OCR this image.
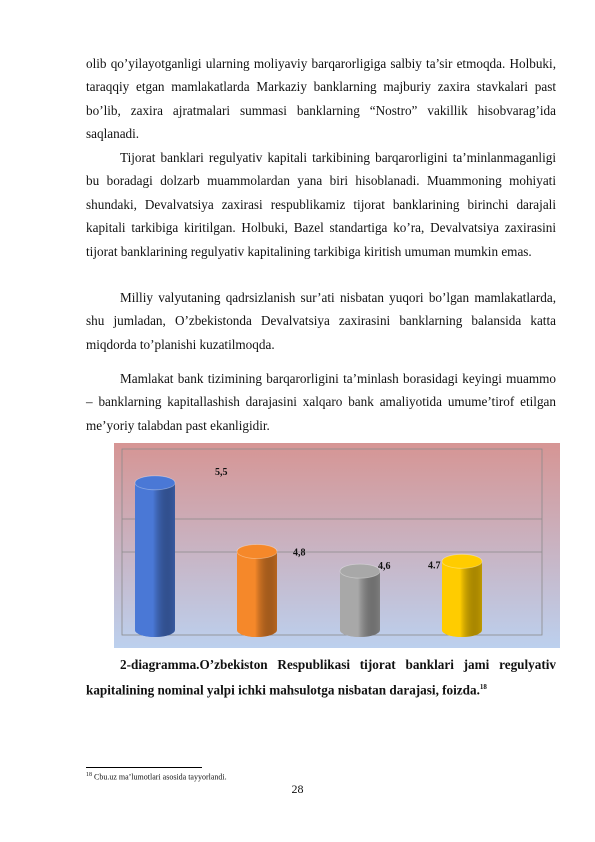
olib qo’yilayotganligi ularning moliyaviy barqarorligiga salbiy ta’sir etmoqda. Holbuki, taraqqiy etgan mamlakatlarda Markaziy banklarning majburiy zaxira stavkalari past bo’lib, zaxira ajratmalari summasi banklarning “Nostro” vakillik hisobvarag’ida saqlanadi.

Tijorat banklari regulyativ kapitali tarkibining barqarorligini ta’minlanmaganligi bu boradagi dolzarb muammolardan yana biri hisoblanadi. Muammoning mohiyati shundaki, Devalvatsiya zaxirasi respublikamiz tijorat banklarining birinchi darajali kapitali tarkibiga kiritilgan. Holbuki, Bazel standartiga ko’ra, Devalvatsiya zaxirasini tijorat banklarining regulyativ kapitalining tarkibiga kiritish umuman mumkin emas.

Milliy valyutaning qadrsizlanish sur’ati nisbatan yuqori bo’lgan mamlakatlarda, shu jumladan, O’zbekistonda Devalvatsiya zaxirasini banklarning balansida katta miqdorda to’planishi kuzatilmoqda.

Mamlakat bank tizimining barqarorligini ta’minlash borasidagi keyingi muammo – banklarning kapitallashish darajasini xalqaro bank amaliyotida umume’tirof etilgan me’yoriy talabdan past ekanligidir.

5,5
4,8
4,6	4.7

2-diagramma.O’zbekiston Respublikasi tijorat banklari jami regulyativ kapitalining nominal yalpi ichki mahsulotga nisbatan darajasi, foizda.$^{18}$

$^{18}$ Cbu.uz ma’lumotlari asosida tayyorlandi.
28
